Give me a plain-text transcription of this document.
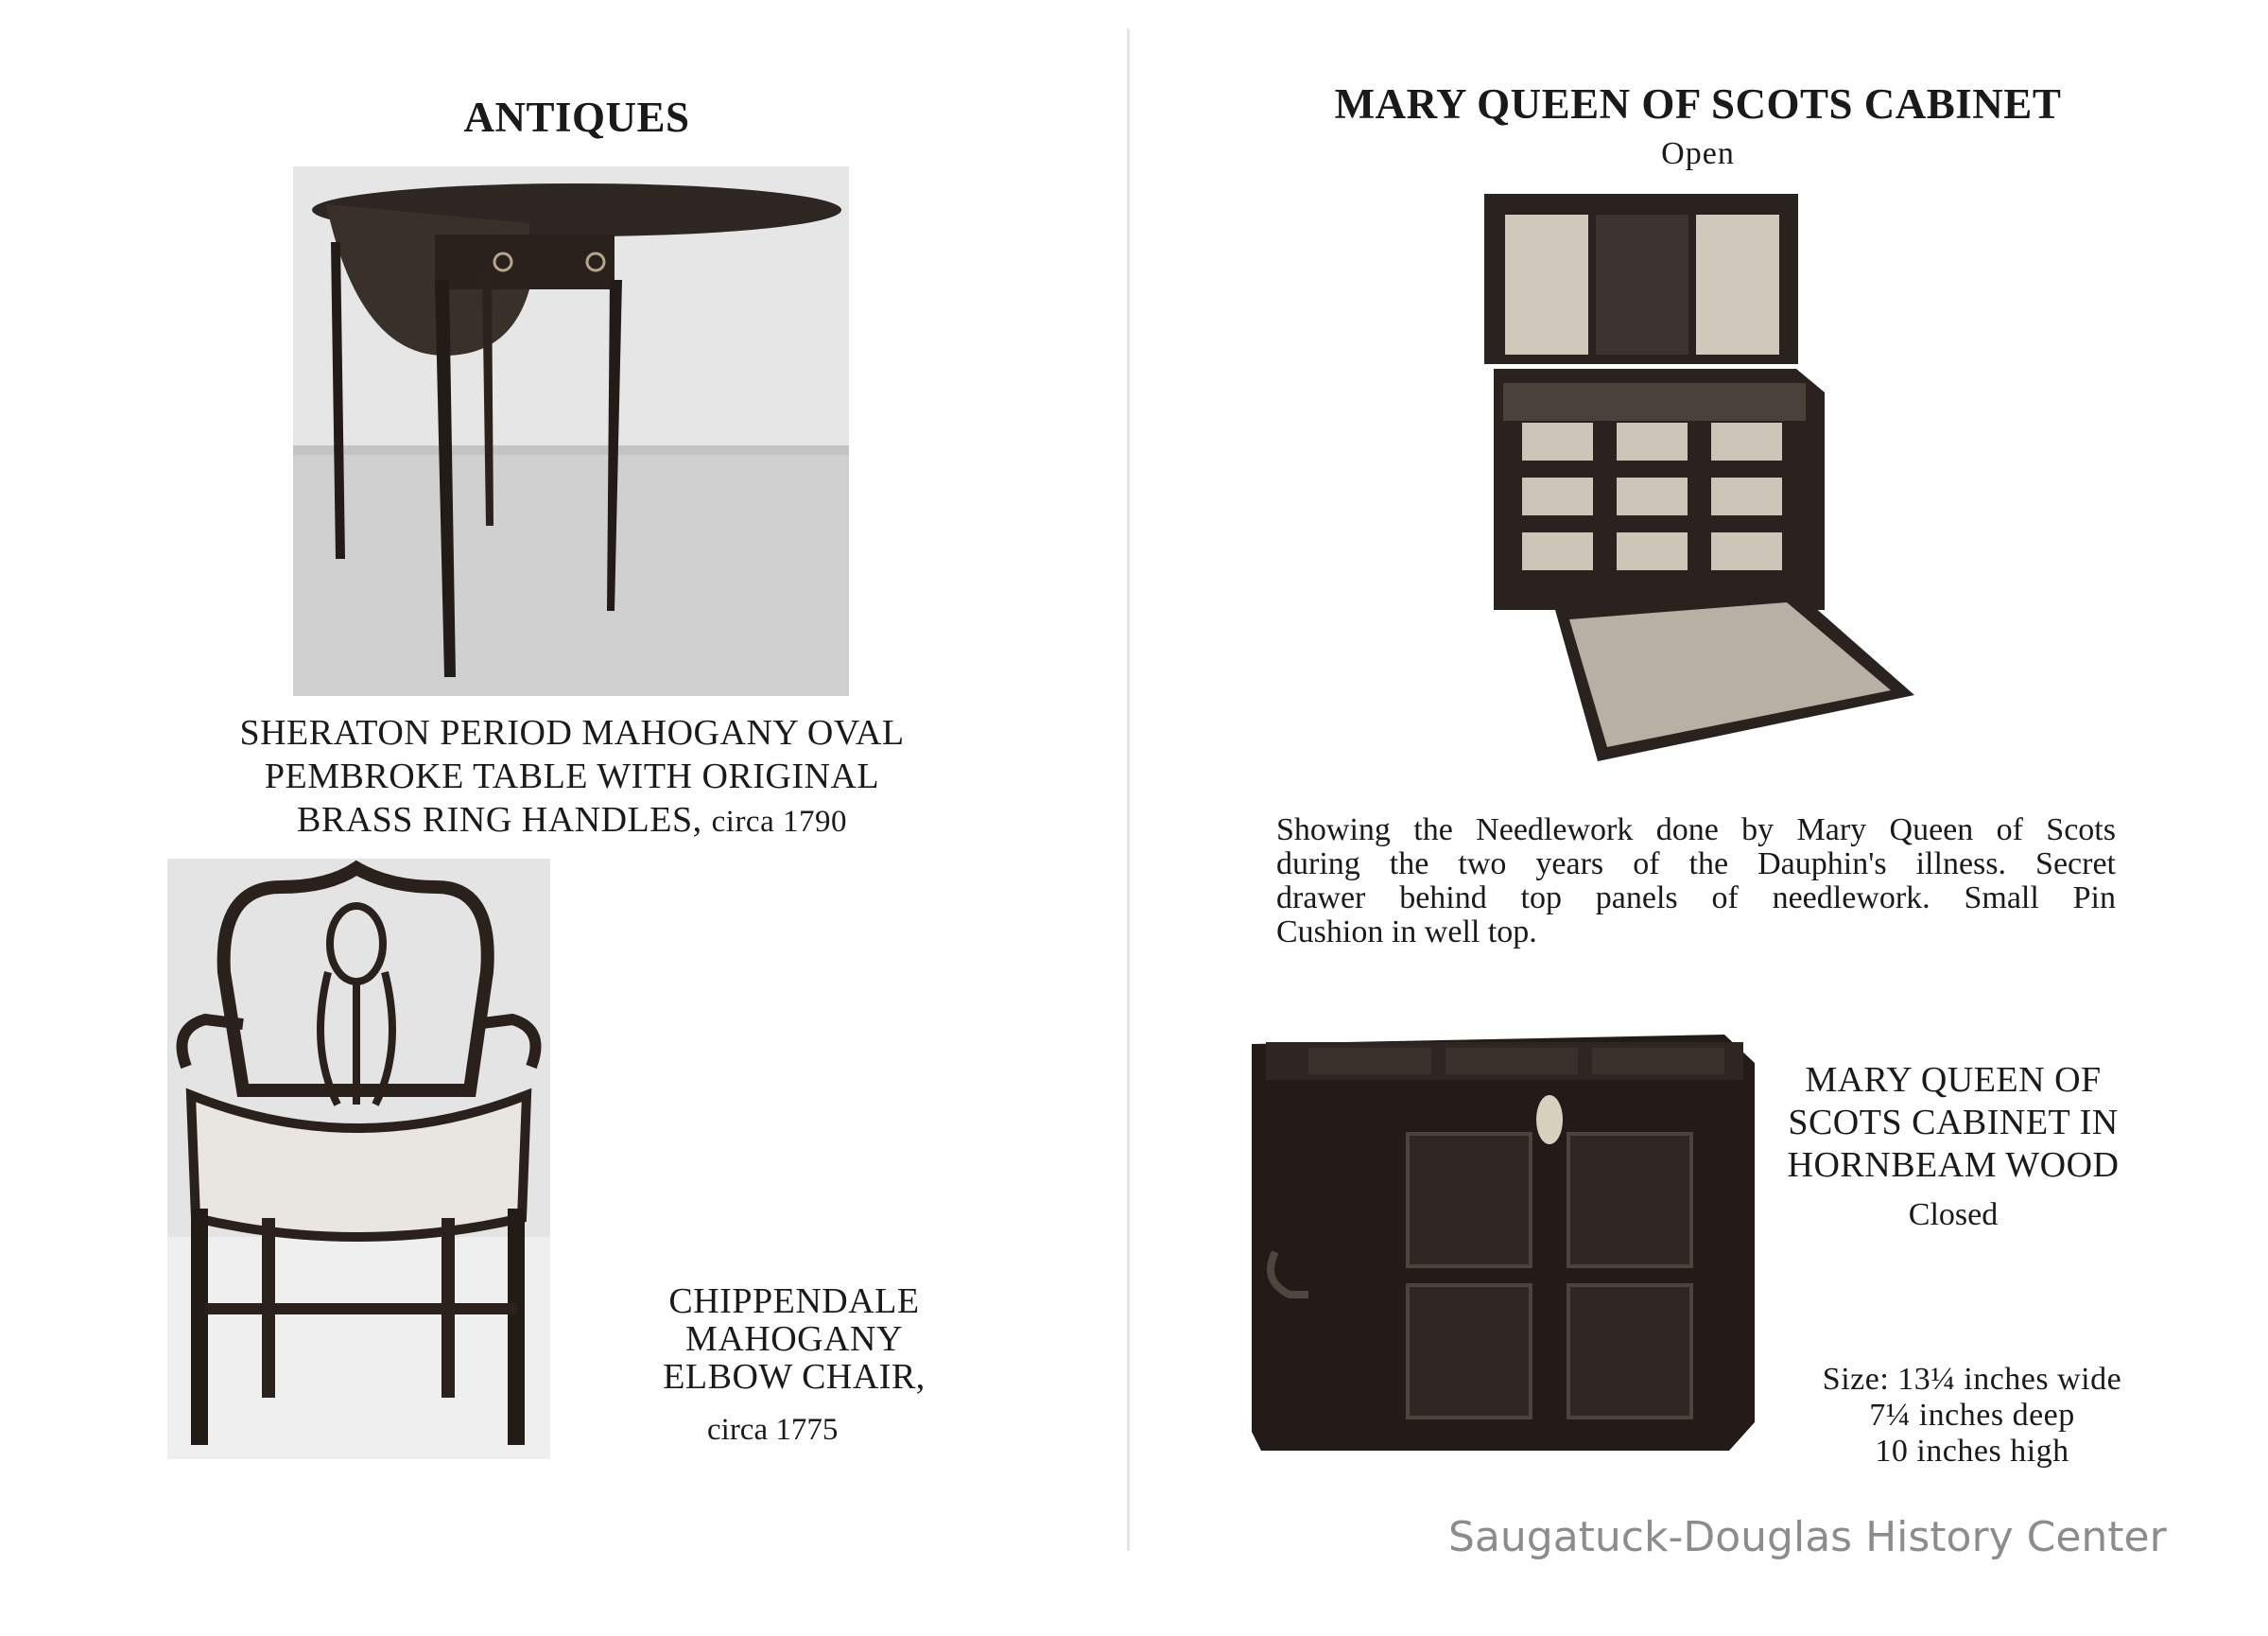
ANTIQUES

SHERATON PERIOD MAHOGANY OVAL
PEMBROKE TABLE WITH ORIGINAL
BRASS RING HANDLES, circa 1790

CHIPPENDALE
MAHOGANY
ELBOW CHAIR,

circa 1775

MARY QUEEN OF SCOTS CABINET

Open

Showing the Needlework done by Mary Queen of Scots
during the two years of the Dauphin's illness. Secret
drawer behind top panels of needlework. Small Pin
Cushion in well top.

MARY QUEEN OF
SCOTS CABINET IN
HORNBEAM WOOD

Closed

Size: 13¼ inches wide
7¼ inches deep
10 inches high

Saugatuck-Douglas History Center
